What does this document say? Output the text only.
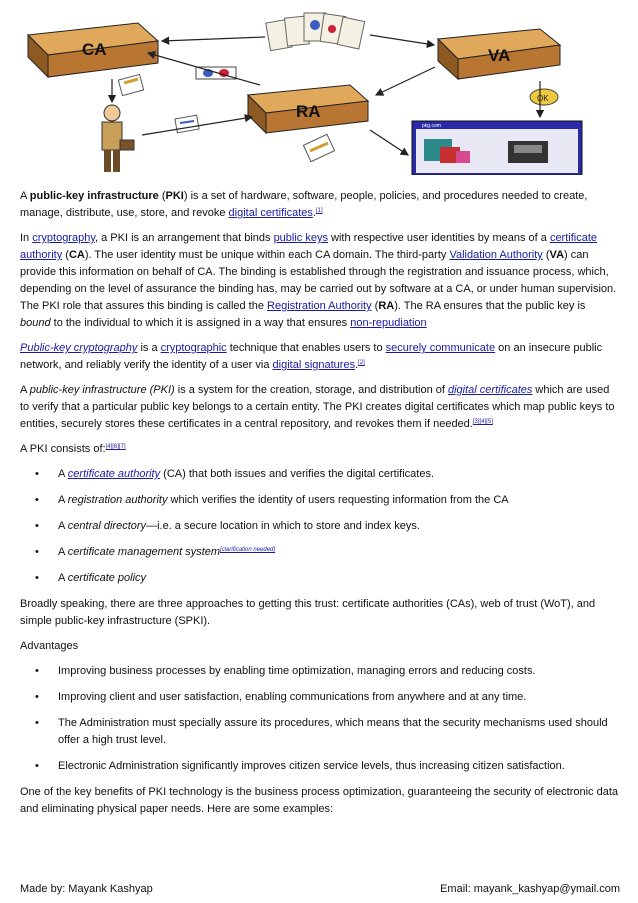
CA	VA
RA
OK
pkg.com

A public-key infrastructure (PKI) is a set of hardware, software, people, policies, and procedures needed to create, manage, distribute, use, store, and revoke digital certificates.[1]

In cryptography, a PKI is an arrangement that binds public keys with respective user identities by means of a certificate authority (CA). The user identity must be unique within each CA domain. The third-party Validation Authority (VA) can provide this information on behalf of CA. The binding is established through the registration and issuance process, which, depending on the level of assurance the binding has, may be carried out by software at a CA, or under human supervision. The PKI role that assures this binding is called the Registration Authority (RA). The RA ensures that the public key is bound to the individual to which it is assigned in a way that ensures non-repudiation

Public-key cryptography is a cryptographic technique that enables users to securely communicate on an insecure public network, and reliably verify the identity of a user via digital signatures.[2]

A public-key infrastructure (PKI) is a system for the creation, storage, and distribution of digital certificates which are used to verify that a particular public key belongs to a certain entity. The PKI creates digital certificates which map public keys to entities, securely stores these certificates in a central repository, and revokes them if needed.[3][4][5]

A PKI consists of:[4][6][7]

• A certificate authority (CA) that both issues and verifies the digital certificates.
• A registration authority which verifies the identity of users requesting information from the CA
• A central directory—i.e. a secure location in which to store and index keys.
• A certificate management system[clarification needed]
• A certificate policy

Broadly speaking, there are three approaches to getting this trust: certificate authorities (CAs), web of trust (WoT), and simple public-key infrastructure (SPKI).

Advantages

• Improving business processes by enabling time optimization, managing errors and reducing costs.
• Improving client and user satisfaction, enabling communications from anywhere and at any time.
• The Administration must specially assure its procedures, which means that the security mechanisms used should offer a high trust level.
• Electronic Administration significantly improves citizen service levels, thus increasing citizen satisfaction.

One of the key benefits of PKI technology is the business process optimization, guaranteeing the security of electronic data and eliminating physical paper needs. Here are some examples:

Made by: Mayank Kashyap	Email: mayank_kashyap@ymail.com
